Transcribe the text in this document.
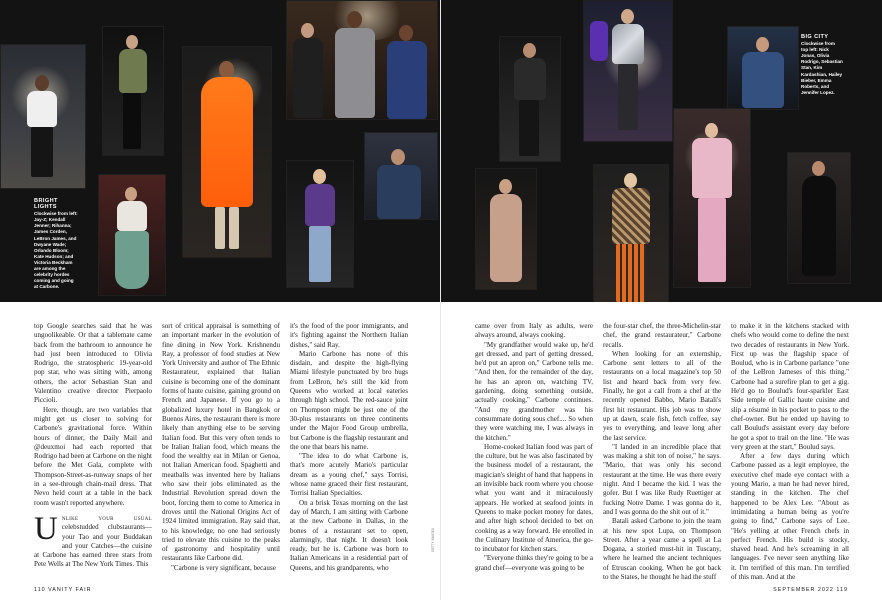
BRIGHT LIGHTS
Clockwise from left: Jay-Z; Kendall Jenner; Rihanna; James Corden, LeBron James, and Dwyane Wade; Orlando Bloom; Kate Hudson; and Victoria Beckham are among the celebrity hordes coming and going at Carbone.

top Google searches said that he was ungoolikeable. Or that a tablemate came back from the bathroom to announce he had just been introduced to Olivia Rodrigo, the stratospheric 19-year-old pop star, who was sitting with, among others, the actor Sebastian Stan and Valentino creative director Pierpaolo Piccioli.

Here, though, are two variables that might get us closer to solving for Carbone's gravitational force. Within hours of dinner, the Daily Mail and @deuxmoi had each reported that Rodrigo had been at Carbone on the night before the Met Gala, complete with Thompson-Street-as-runway snaps of her in a see-through chain-mail dress. That Nevo held court at a table in the back room wasn't reported anywhere.

U nlike your usual celebstudded clubstaurants—your Tao and your Buddakan and your Catches—the cuisine at Carbone has earned three stars from Pete Wells at The New York Times. This

sort of critical appraisal is something of an important marker in the evolution of fine dining in New York. Krishnendu Ray, a professor of food studies at New York University and author of The Ethnic Restaurateur, explained that Italian cuisine is becoming one of the dominant forms of haute cuisine, gaining ground on French and Japanese. If you go to a globalized luxury hotel in Bangkok or Buenos Aires, the restaurant there is more likely than anything else to be serving Italian food. But this very often tends to be Italian Italian food, which means the food the wealthy eat in Milan or Genoa, not Italian American food. Spaghetti and meatballs was invented here by Italians who saw their jobs eliminated as the Industrial Revolution spread down the boot, forcing them to come to America in droves until the National Origins Act of 1924 limited immigration. Ray said that, to his knowledge, no one had seriously tried to elevate this cuisine to the peaks of gastronomy and hospitality until restaurants like Carbone did.

"Carbone is very significant, because

it's the food of the poor immigrants, and it's fighting against the Northern Italian dishes," said Ray.

Mario Carbone has none of this disdain, and despite the high-flying Miami lifestyle punctuated by bro hugs from LeBron, he's still the kid from Queens who worked at local eateries through high school. The red-sauce joint on Thompson might be just one of the 30-plus restaurants on three continents under the Major Food Group umbrella, but Carbone is the flagship restaurant and the one that bears his name.

"The idea to do what Carbone is, that's more acutely Mario's particular dream as a young chef," says Torrisi, whose name graced their first restaurant, Torrisi Italian Specialties.

On a brisk Texas morning on the last day of March, I am sitting with Carbone at the new Carbone in Dallas, in the bones of a restaurant set to open, alarmingly, that night. It doesn't look ready, but he is. Carbone was born to Italian Americans in a residential part of Queens, and his grandparents, who

GETTY IMAGES
110 VANITY FAIR
BIG CITY
Clockwise from top left: Nick Jonas, Olivia Rodrigo, Sebastian Stan, Kim Kardashian, Hailey Bieber, Emma Roberts, and Jennifer Lopez.

came over from Italy as adults, were always around, always cooking.

"My grandfather would wake up, he'd get dressed, and part of getting dressed, he'd put an apron on," Carbone tells me. "And then, for the remainder of the day, he has an apron on, watching TV, gardening, doing something outside, actually cooking," Carbone continues. "And my grandmother was his consummate doting sous chef.... So when they were watching me, I was always in the kitchen."

Home-cooked Italian food was part of the culture, but he was also fascinated by the business model of a restaurant, the magician's sleight of hand that happens in an invisible back room where you choose what you want and it miraculously appears. He worked at seafood joints in Queens to make pocket money for dates, and after high school decided to bet on cooking as a way forward. He enrolled in the Culinary Institute of America, the go-to incubator for kitchen stars.

"Everyone thinks they're going to be a grand chef—everyone was going to be

the four-star chef, the three-Michelin-star chef, the grand restaurateur," Carbone recalls.

When looking for an externship, Carbone sent letters to all of the restaurants on a local magazine's top 50 list and heard back from very few. Finally, he got a call from a chef at the recently opened Babbo, Mario Batali's first hit restaurant. His job was to show up at dawn, scale fish, fetch coffee, say yes to everything, and leave long after the last service.

"I landed in an incredible place that was making a shit ton of noise," he says. "Mario, that was only his second restaurant at the time. He was there every night. And I became the kid. I was the gofer. But I was like Rudy Ruettiger at fucking Notre Dame. I was gonna do it, and I was gonna do the shit out of it."

Batali asked Carbone to join the team at his new spot Lupa, on Thompson Street. After a year came a spell at La Dogana, a storied must-hit in Tuscany, where he learned the ancient techniques of Etruscan cooking. When he got back to the States, he thought he had the stuff

to make it in the kitchens stacked with chefs who would come to define the next two decades of restaurants in New York. First up was the flagship space of Boulud, who is in Carbone parlance "one of the LeBron Jameses of this thing." Carbone had a surefire plan to get a gig. He'd go to Boulud's four-sparkler East Side temple of Gallic haute cuisine and slip a résumé in his pocket to pass to the chef-owner. But he ended up having to call Boulud's assistant every day before he got a spot to trail on the line. "He was very green at the start," Boulud says.

After a few days during which Carbone passed as a legit employee, the executive chef made eye contact with a young Mario, a man he had never hired, standing in the kitchen. The chef happened to be Alex Lee. "About as intimidating a human being as you're going to find," Carbone says of Lee. "He's yelling at other French chefs in perfect French. His build is stocky, shaved head. And he's screaming in all languages. I've never seen anything like it. I'm terrified of this man. I'm terrified of this man. And at the

SEPTEMBER 2022 119
